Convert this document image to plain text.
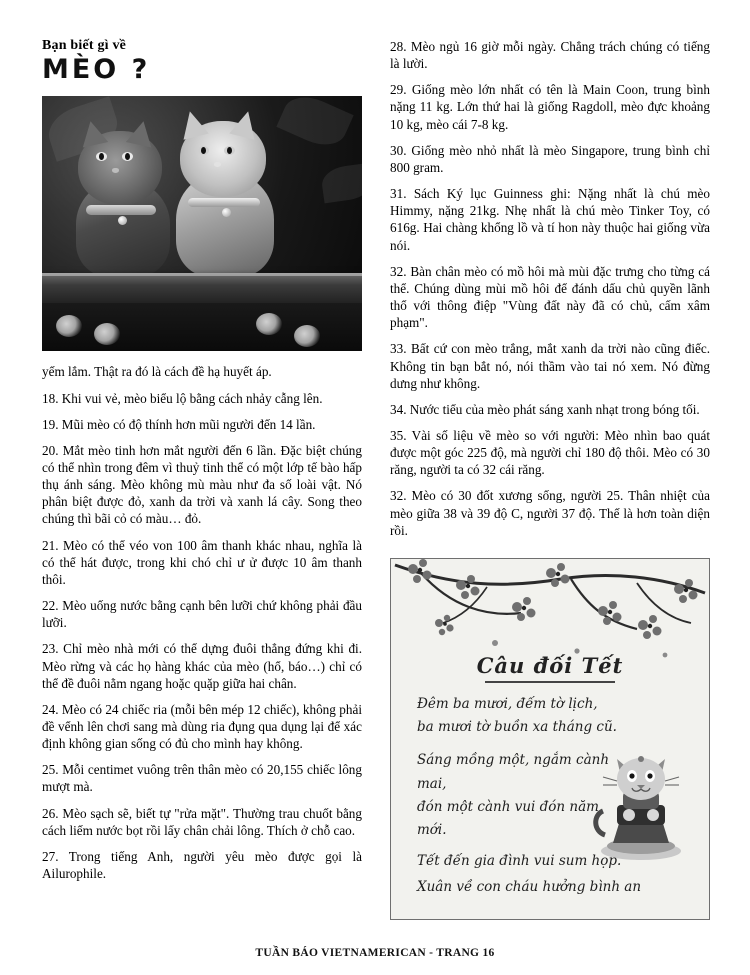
Bạn biết gì về
MÈO ?

yếm lắm. Thật ra đó là cách đề hạ huyết áp.

18. Khi vui vẻ, mèo biểu lộ bằng cách nhảy cẫng lên.

19. Mũi mèo có độ thính hơn mũi người đến 14 lần.

20. Mắt mèo tinh hơn mắt người đến 6 lần. Đặc biệt chúng có thể nhìn trong đêm vì thuỷ tinh thể có một lớp tế bào hấp thụ ánh sáng. Mèo không mù màu như đa số loài vật. Nó phân biệt được đỏ, xanh da trời và xanh lá cây. Song theo chúng thì bãi cỏ có màu… đỏ.

21. Mèo có thể véo von 100 âm thanh khác nhau, nghĩa là có thể hát được, trong khi chó chỉ ư ử được 10 âm thanh thôi.

22. Mèo uống nước bằng cạnh bên lưỡi chứ không phải đầu lưỡi.

23. Chỉ mèo nhà mới có thể dựng đuôi thẳng đứng khi đi. Mèo rừng và các họ hàng khác của mèo (hổ, báo…) chỉ có thể đề đuôi nằm ngang hoặc quặp giữa hai chân.

24. Mèo có 24 chiếc ria (mỗi bên mép 12 chiếc), không phải đề vểnh lên chơi sang mà dùng ria đụng qua dụng lại để xác định không gian sống có đủ cho mình hay không.

25. Mỗi centimet vuông trên thân mèo có 20,155 chiếc lông mượt mà.

26. Mèo sạch sẽ, biết tự "rửa mặt". Thường trau chuốt bằng cách liếm nước bọt rồi lấy chân chải lông. Thích ở chỗ cao.

27. Trong tiếng Anh, người yêu mèo được gọi là Ailurophile.

28. Mèo ngủ 16 giờ mỗi ngày. Chẳng trách chúng có tiếng là lười.

29. Giống mèo lớn nhất có tên là Main Coon, trung bình nặng 11 kg. Lớn thứ hai là giống Ragdoll, mèo đực khoảng 10 kg, mèo cái 7-8 kg.

30. Giống mèo nhỏ nhất là mèo Singapore, trung bình chỉ 800 gram.

31. Sách Ký lục Guinness ghi: Nặng nhất là chú mèo Himmy, nặng 21kg. Nhẹ nhất là chú mèo Tinker Toy, có 616g. Hai chàng khổng lồ và tí hon này thuộc hai giống vừa nói.

32. Bàn chân mèo có mồ hôi mà mùi đặc trưng cho từng cá thể. Chúng dùng mùi mồ hôi để đánh dấu chủ quyền lãnh thổ với thông điệp "Vùng đất này đã có chủ, cấm xâm phạm".

33. Bất cứ con mèo trắng, mắt xanh da trời nào cũng điếc. Không tin bạn bắt nó, nói thầm vào tai nó xem. Nó đừng dưng như không.

34. Nước tiểu của mèo phát sáng xanh nhạt trong bóng tối.

35. Vài số liệu về mèo so với người: Mèo nhìn bao quát được một góc 225 độ, mà người chỉ 180 độ thôi. Mèo có 30 răng, người ta có 32 cái răng.

32. Mèo có 30 đốt xương sống, người 25. Thân nhiệt của mèo giữa 38 và 39 độ C, người 37 độ. Thế là hơn toàn diện rồi.

Câu đối Tết
Đêm ba mươi, đếm tờ lịch,
ba mươi tờ buồn xa tháng cũ.
Sáng mồng một, ngắm cành mai,
đón một cành vui đón năm mới.
Tết đến gia đình vui sum họp.
Xuân về con cháu hưởng bình an
TUẦN BÁO VIETNAMERICAN - TRANG 16
